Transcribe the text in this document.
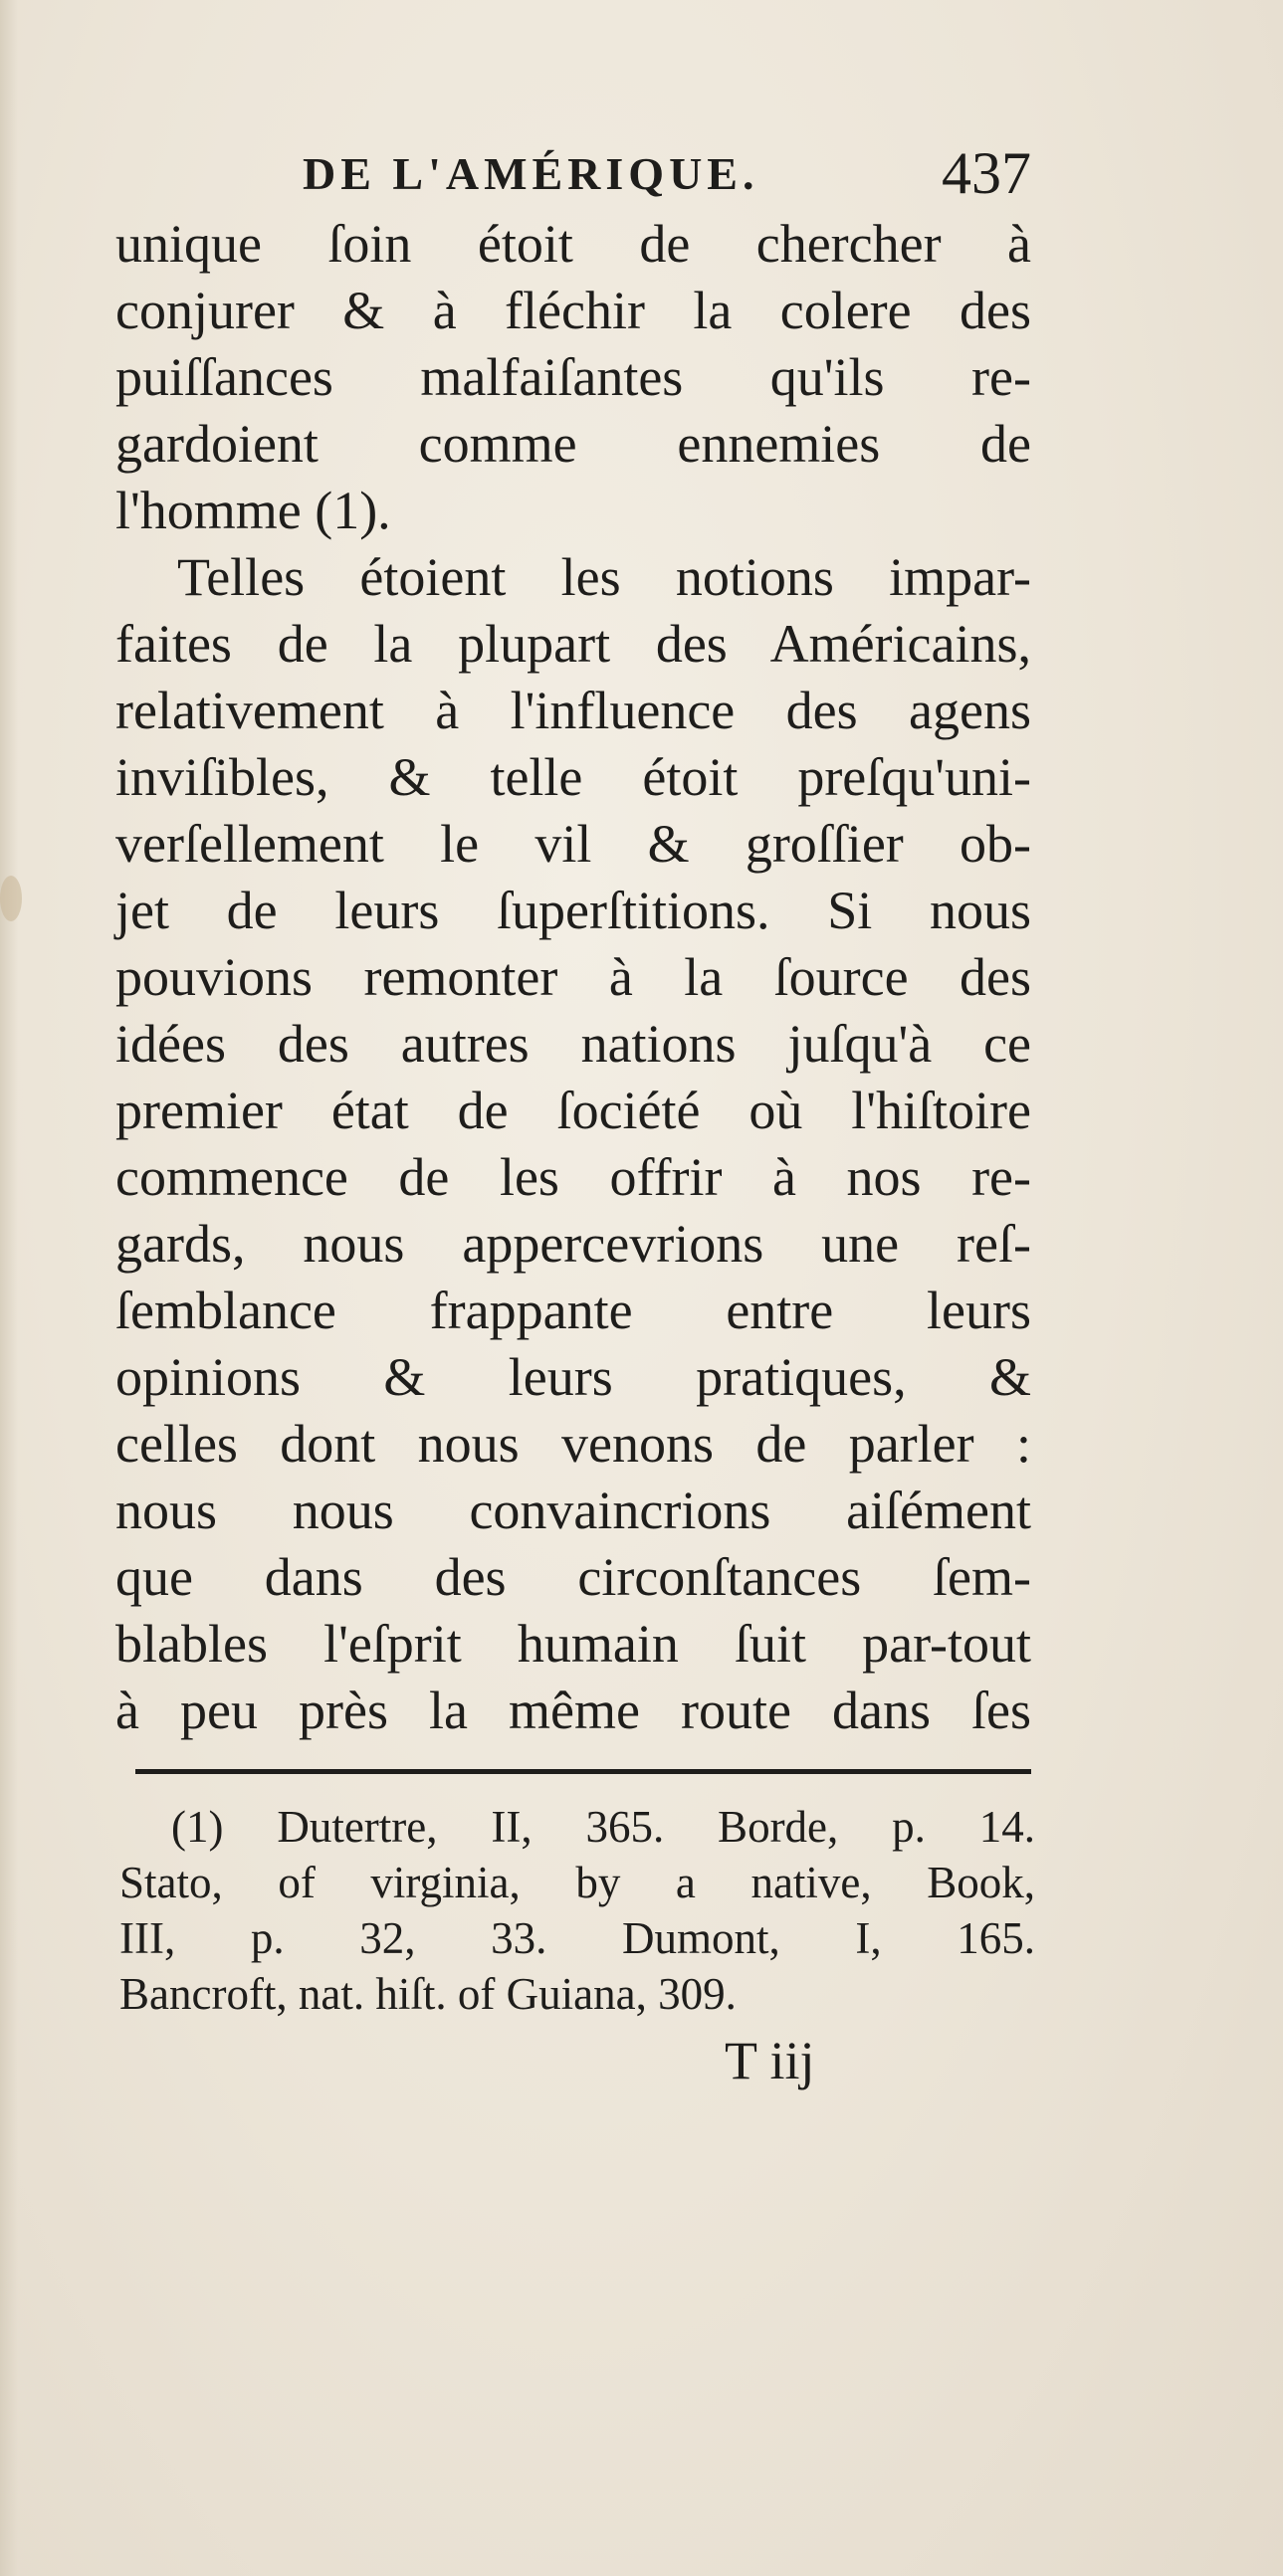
DE L'AMÉRIQUE.	437
unique ſoin étoit de chercher à
conjurer & à fléchir la colere des
puiſſances malfaiſantes qu'ils re-
gardoient comme ennemies de
l'homme (1).
Telles étoient les notions impar-
faites de la plupart des Américains,
relativement à l'influence des agens
inviſibles, & telle étoit preſqu'uni-
verſellement le vil & groſſier ob-
jet de leurs ſuperſtitions. Si nous
pouvions remonter à la ſource des
idées des autres nations juſqu'à ce
premier état de ſociété où l'hiſtoire
commence de les offrir à nos re-
gards, nous appercevrions une reſ-
ſemblance frappante entre leurs
opinions & leurs pratiques, &
celles dont nous venons de parler :
nous nous convaincrions aiſément
que dans des circonſtances ſem-
blables l'eſprit humain ſuit par-tout
à peu près la même route dans ſes
(1) Dutertre, II, 365. Borde, p. 14.
Stato, of virginia, by a native, Book,
III, p. 32, 33. Dumont, I, 165.
Bancroft, nat. hiſt. of Guiana, 309.
T iij
